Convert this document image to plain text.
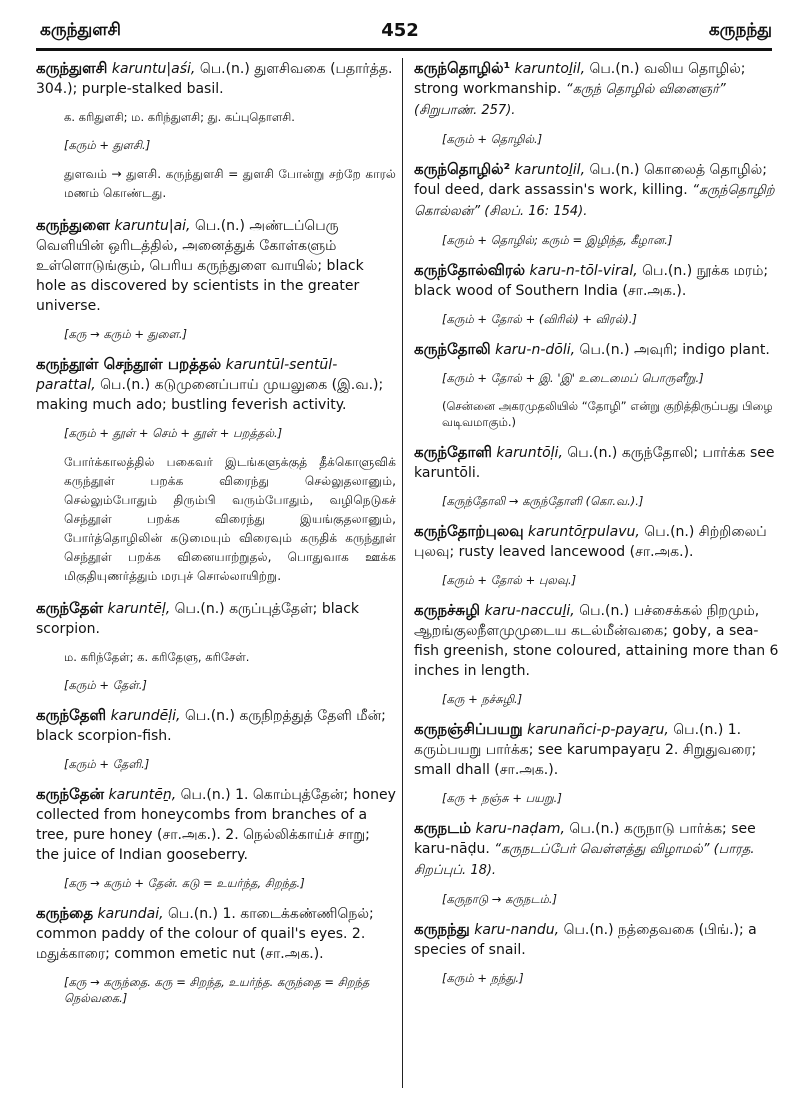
கருந்துளசி	452	கருநந்து

கருந்துளசி karuntu|aśi, பெ.(n.) துளசிவகை (பதார்த்த. 304.); purple-stalked basil.

க. கரிதுளசி; ம. கரிந்துளசி; து. கப்புதொளசி.

[கரும் + துளசி.]

துளவம் → துளசி. கருந்துளசி = துளசி போன்று சற்றே காரல் மணம் கொண்டது.

கருந்துளை karuntu|ai, பெ.(n.) அண்டப்பெரு வெளியின் ஒரிடத்தில், அனைத்துக் கோள்களும் உள்ளொடுங்கும், பெரிய கருந்துளை வாயில்; black hole as discovered by scientists in the greater universe.

[கரு → கரும் + துளை.]

கருந்தூள் செந்தூள் பறத்தல் karuntūl-sentūl-parattal, பெ.(n.) கடுமுனைப்பாய் முயலுகை (இ.வ.); making much ado; bustling feverish activity.

[கரும் + தூள் + செம் + தூள் + பறத்தல்.]

போர்க்காலத்தில் பகைவர் இடங்களுக்குத் தீக்கொளுவிக் கருந்தூள் பறக்க விரைந்து செல்லுதலானும், செல்லும்போதும் திரும்பி வரும்போதும், வழிநெடுகச் செந்தூள் பறக்க விரைந்து இயங்குதலானும், போர்த்தொழிலின் கடுமையும் விரைவும் கருதிக் கருந்தூள் செந்தூள் பறக்க வினையாற்றுதல், பொதுவாக ஊக்க மிகுதியுணர்த்தும் மரபுச் சொல்லாயிற்று.

கருந்தேள் karuntēḷ, பெ.(n.) கருப்புத்தேள்; black scorpion.

ம. கரிந்தேள்; க. கரிதேளு, கரிசேள்.

[கரும் + தேள்.]

கருந்தேளி karundēḷi, பெ.(n.) கருநிறத்துத் தேளி மீன்; black scorpion-fish.

[கரும் + தேளி.]

கருந்தேன் karuntēṉ, பெ.(n.) 1. கொம்புத்தேன்; honey collected from honeycombs from branches of a tree, pure honey (சா.அக.). 2. நெல்லிக்காய்ச் சாறு; the juice of Indian gooseberry.

[கரு → கரும் + தேன். கடு = உயர்ந்த, சிறந்த.]

கருந்தை karundai, பெ.(n.) 1. காடைக்கண்ணிநெல்; common paddy of the colour of quail's eyes. 2. மதுக்காரை; common emetic nut (சா.அக.).

[கரு → கருந்தை. கரு = சிறந்த, உயர்ந்த. கருந்தை = சிறந்த நெல்வகை.]

கருந்தொழில்¹ karuntoḻil, பெ.(n.) வலிய தொழில்; strong workmanship. “கருந் தொழில் வினைஞர்” (சிறுபாண். 257).

[கரும் + தொழில்.]

கருந்தொழில்² karuntoḻil, பெ.(n.) கொலைத் தொழில்; foul deed, dark assassin's work, killing. “கருந்தொழிற் கொல்லன்” (சிலப். 16: 154).

[கரும் + தொழில்; கரும் = இழிந்த, கீழான.]

கருந்தோல்விரல் karu-n-tōl-viral, பெ.(n.) நூக்க மரம்; black wood of Southern India (சா.அக.).

[கரும் + தோல் + (விரில்) + விரல்).]

கருந்தோலி karu-n-dōli, பெ.(n.) அவுரி; indigo plant.

[கரும் + தோல் + இ. 'இ' உடைமைப் பொருளீறு.]

(சென்னை அகரமுதலியில் “தோழி” என்று குறித்திருப்பது பிழை வடிவமாகும்.)

கருந்தோளி karuntōḷi, பெ.(n.) கருந்தோலி; பார்க்க see karuntōli.

[கருந்தோலி → கருந்தோளி (கொ.வ.).]

கருந்தோற்புலவு karuntōṟpulavu, பெ.(n.) சிற்றிலைப் புலவு; rusty leaved lancewood (சா.அக.).

[கரும் + தோல் + புலவு.]

கருநச்சுழி karu-naccuḻi, பெ.(n.) பச்சைக்கல் நிறமும், ஆறங்குலநீளமுமுடைய கடல்மீன்வகை; goby, a sea-fish greenish, stone coloured, attaining more than 6 inches in length.

[கரு + நச்சுழி.]

கருநஞ்சிப்பயறு karunañci-p-payaṟu, பெ.(n.) 1. கரும்பயறு பார்க்க; see karumpayaṟu 2. சிறுதுவரை; small dhall (சா.அக.).

[கரு + நஞ்சு + பயறு.]

கருநடம் karu-naḍam, பெ.(n.) கருநாடு பார்க்க; see karu-nāḍu. “கருநடப்பேர் வெள்ளத்து விழாமல்” (பாரத. சிறப்புப். 18).

[கருநாடு → கருநடம்.]

கருநந்து karu-nandu, பெ.(n.) நத்தைவகை (பிங்.); a species of snail.

[கரும் + நந்து.]
